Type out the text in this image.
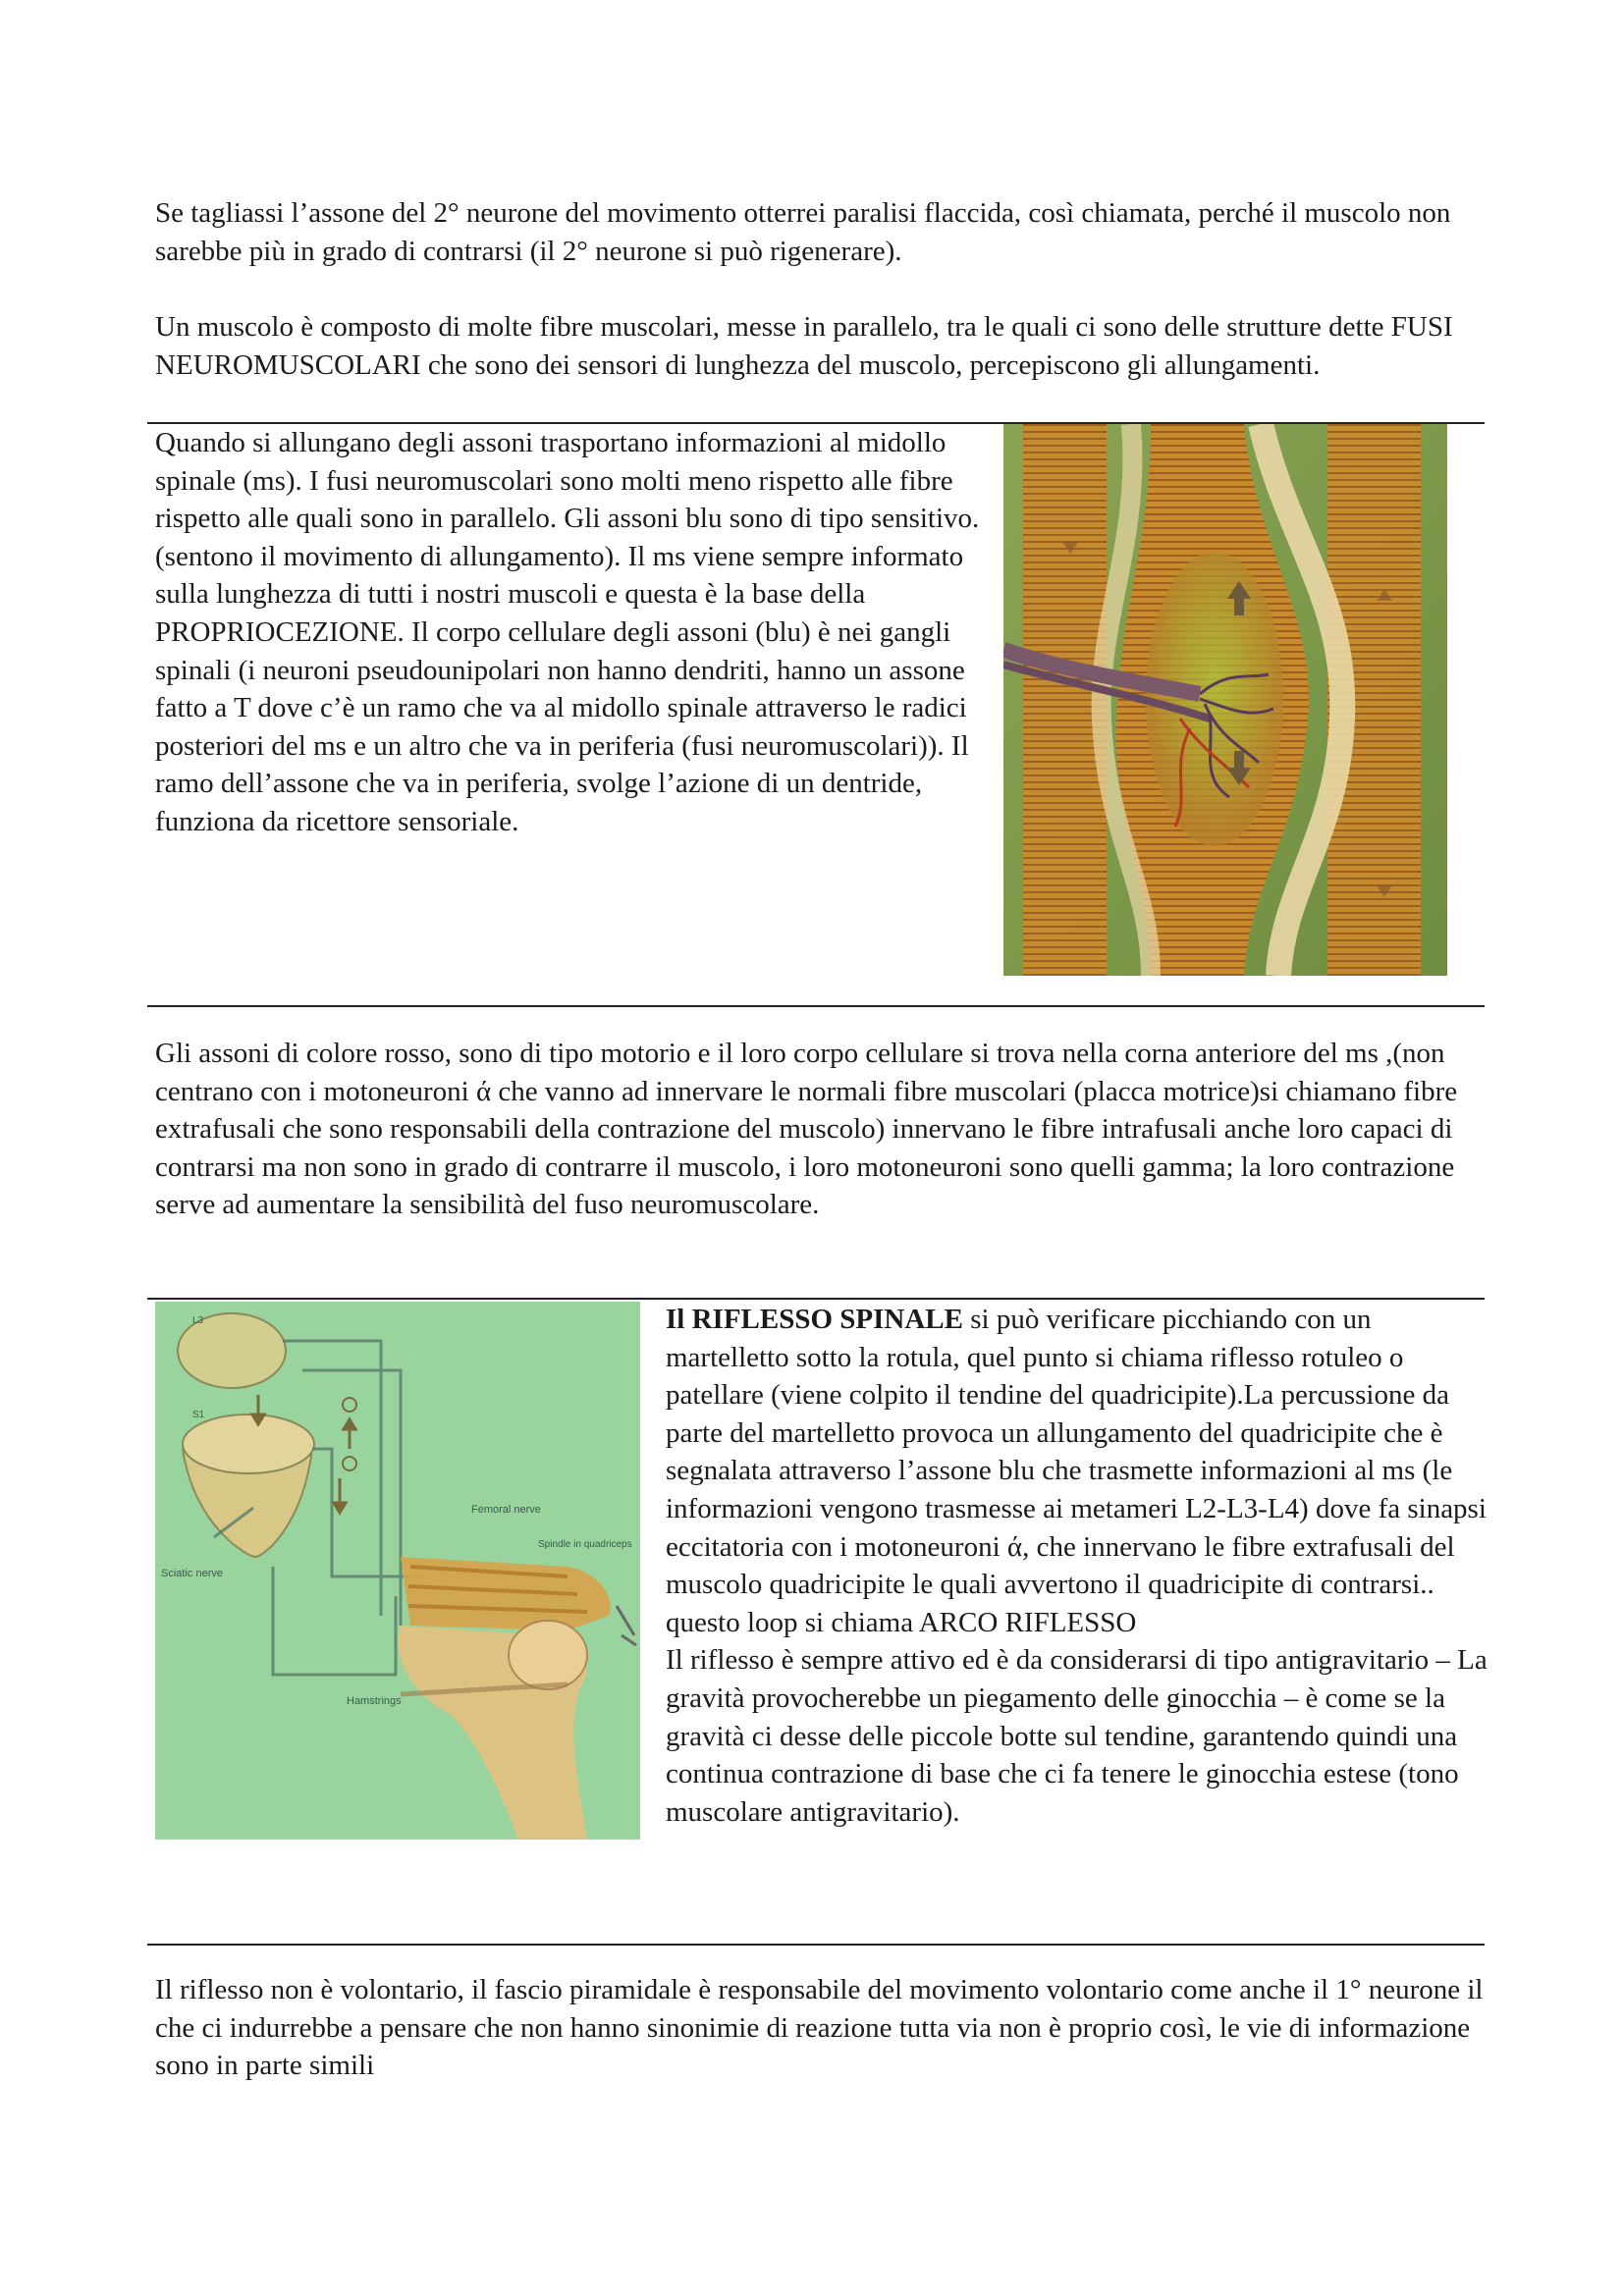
Se tagliassi l’assone del 2° neurone del movimento otterrei paralisi flaccida, così chiamata, perché il muscolo non sarebbe più in grado di contrarsi (il 2° neurone si può rigenerare).

Un muscolo è composto di molte fibre muscolari, messe in parallelo, tra le quali ci sono delle strutture dette FUSI NEUROMUSCOLARI che sono dei sensori di lunghezza del muscolo, percepiscono gli allungamenti.

Quando si allungano degli assoni trasportano informazioni al midollo spinale (ms). I fusi neuromuscolari sono molti meno rispetto alle fibre rispetto alle quali sono in parallelo. Gli assoni blu sono di tipo sensitivo.(sentono il movimento di allungamento). Il ms viene sempre informato sulla lunghezza di tutti i nostri muscoli e questa è la base della PROPRIOCEZIONE. Il corpo cellulare degli assoni (blu) è nei gangli spinali (i neuroni pseudounipolari non hanno dendriti, hanno un assone fatto a T dove c’è un ramo che va al midollo spinale attraverso le radici posteriori del ms e un altro che va in periferia (fusi neuromuscolari)). Il ramo dell’assone che va in periferia, svolge l’azione di un dentride, funziona da ricettore sensoriale.

Gli assoni di colore rosso, sono di tipo motorio e il loro corpo cellulare si trova nella corna anteriore del ms ,(non centrano con i motoneuroni ά che vanno ad innervare le normali fibre muscolari (placca motrice)si chiamano fibre extrafusali che sono responsabili della contrazione del muscolo) innervano le fibre intrafusali anche loro capaci di contrarsi ma non sono in grado di contrarre il muscolo, i loro motoneuroni sono quelli gamma; la loro contrazione serve ad aumentare la sensibilità del fuso neuromuscolare.

L3
S1
Femoral nerve
Spindle in quadriceps
Sciatic nerve
Hamstrings

Il RIFLESSO SPINALE si può verificare picchiando con un martelletto sotto la rotula, quel punto si chiama riflesso rotuleo o patellare (viene colpito il tendine del quadricipite).La percussione da parte del martelletto provoca un allungamento del quadricipite che è segnalata attraverso l’assone blu che trasmette informazioni al ms (le informazioni vengono trasmesse ai metameri L2-L3-L4) dove fa sinapsi eccitatoria con i motoneuroni ά, che innervano le fibre extrafusali del muscolo quadricipite le quali avvertono il quadricipite di contrarsi.. questo loop si chiama ARCO RIFLESSO

Il riflesso è sempre attivo ed è da considerarsi di tipo antigravitario – La gravità provocherebbe un piegamento delle ginocchia – è come se la gravità ci desse delle piccole botte sul tendine, garantendo quindi una continua contrazione di base che ci fa tenere le ginocchia estese (tono muscolare antigravitario).

Il riflesso non è volontario, il fascio piramidale è responsabile del movimento volontario come anche il 1° neurone il che ci indurrebbe a pensare che non hanno sinonimie di reazione tutta via non è proprio così, le vie di informazione sono in parte simili
